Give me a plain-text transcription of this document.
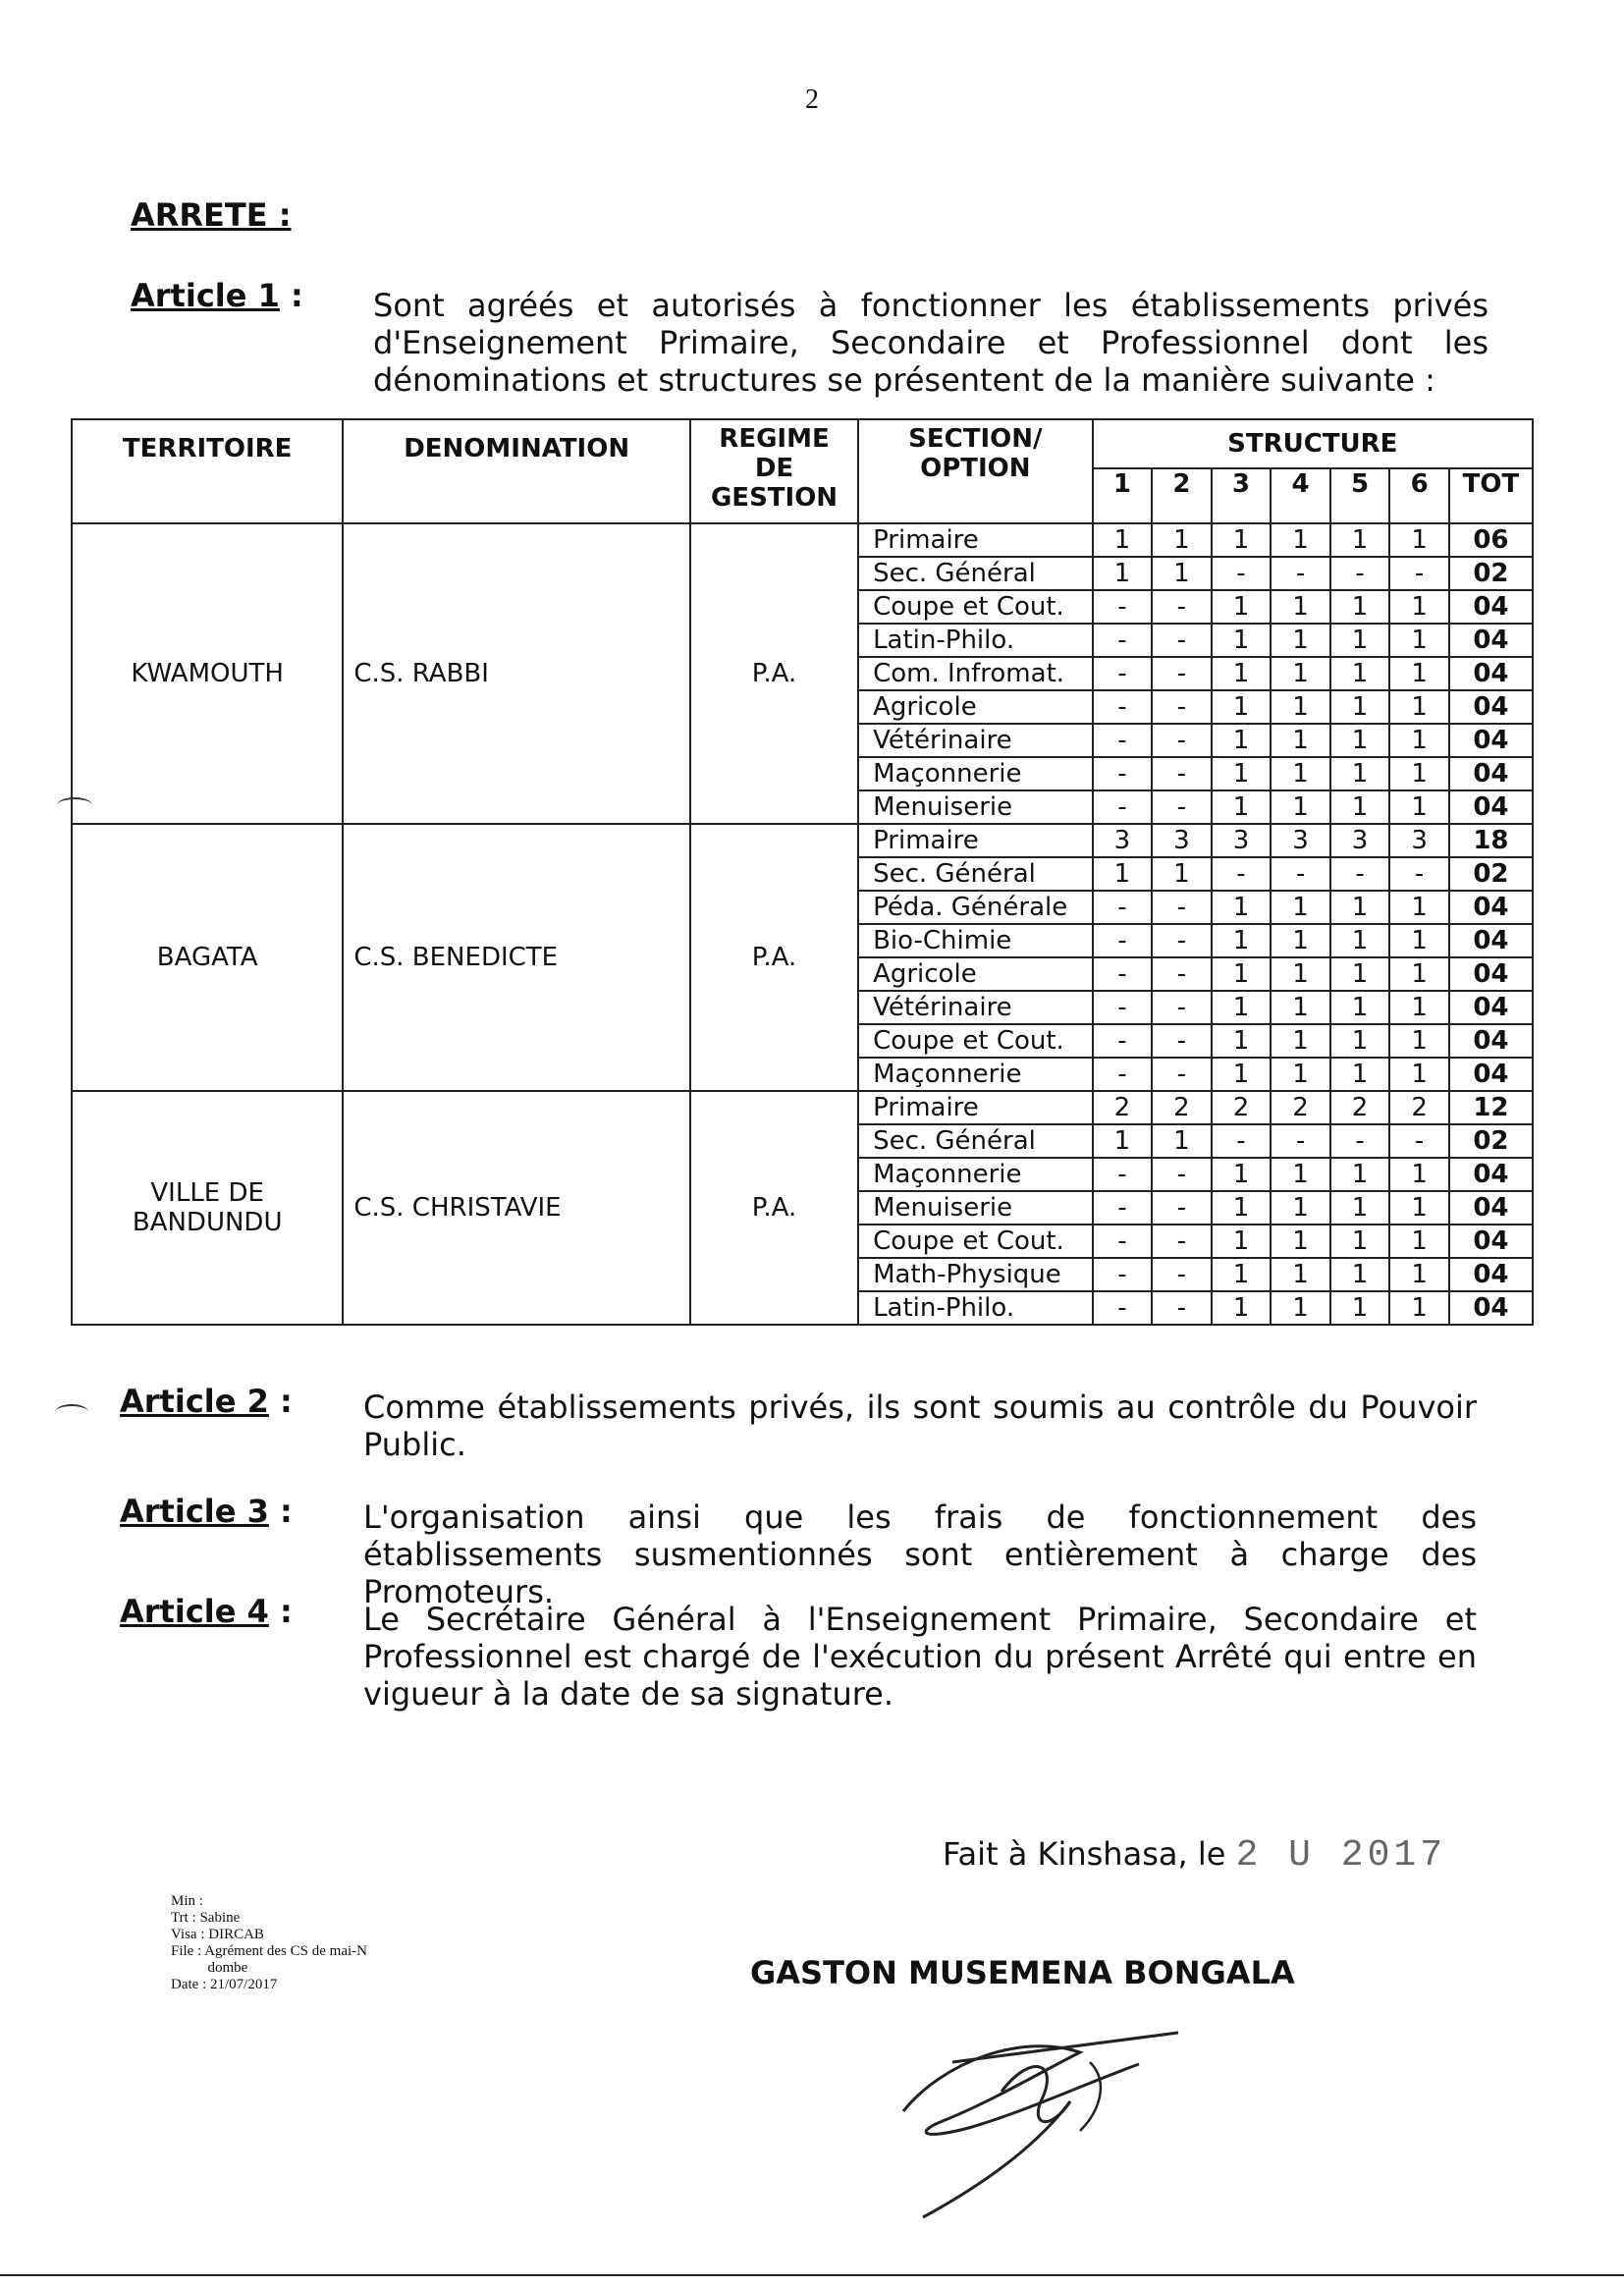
2
ARRETE :
Article 1 : Sont agréés et autorisés à fonctionner les établissements privés d'Enseignement Primaire, Secondaire et Professionnel dont les dénominations et structures se présentent de la manière suivante :
TERRITOIRE	DENOMINATION	REGIME DE GESTION	SECTION/ OPTION	STRUCTURE						
				1	2	3	4	5	6	TOT
KWAMOUTH	C.S. RABBI	P.A.	Primaire	1	1	1	1	1	1	06
			Sec. Général	1	1	-	-	-	-	02
			Coupe et Cout.	-	-	1	1	1	1	04
			Latin-Philo.	-	-	1	1	1	1	04
			Com. Infromat.	-	-	1	1	1	1	04
			Agricole	-	-	1	1	1	1	04
			Vétérinaire	-	-	1	1	1	1	04
			Maçonnerie	-	-	1	1	1	1	04
			Menuiserie	-	-	1	1	1	1	04
BAGATA	C.S. BENEDICTE	P.A.	Primaire	3	3	3	3	3	3	18
			Sec. Général	1	1	-	-	-	-	02
			Péda. Générale	-	-	1	1	1	1	04
			Bio-Chimie	-	-	1	1	1	1	04
			Agricole	-	-	1	1	1	1	04
			Vétérinaire	-	-	1	1	1	1	04
			Coupe et Cout.	-	-	1	1	1	1	04
			Maçonnerie	-	-	1	1	1	1	04
VILLE DE BANDUNDU	C.S. CHRISTAVIE	P.A.	Primaire	2	2	2	2	2	2	12
			Sec. Général	1	1	-	-	-	-	02
			Maçonnerie	-	-	1	1	1	1	04
			Menuiserie	-	-	1	1	1	1	04
			Coupe et Cout.	-	-	1	1	1	1	04
			Math-Physique	-	-	1	1	1	1	04
			Latin-Philo.	-	-	1	1	1	1	04
Article 2 : Comme établissements privés, ils sont soumis au contrôle du Pouvoir Public.
Article 3 : L'organisation ainsi que les frais de fonctionnement des établissements susmentionnés sont entièrement à charge des Promoteurs.
Article 4 : Le Secrétaire Général à l'Enseignement Primaire, Secondaire et Professionnel est chargé de l'exécution du présent Arrêté qui entre en vigueur à la date de sa signature.
Fait à Kinshasa, le 2 U 2017
Min :
Trt : Sabine
Visa : DIRCAB
File : Agrément des CS de mai-N
dombe
Date : 21/07/2017	GASTON MUSEMENA BONGALA
